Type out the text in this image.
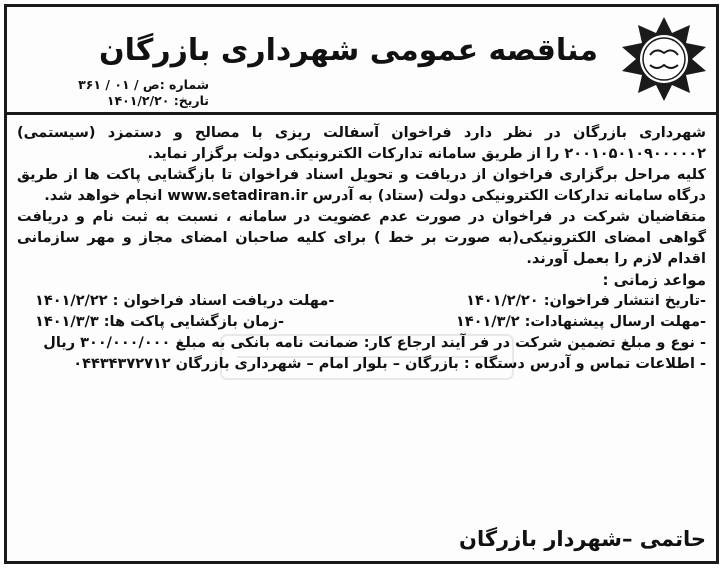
مناقصه عمومی شهرداری بازرگان
شماره :ص / ۰۱ / ۳۶۱
تاریخ: ۱۴۰۱/۲/۲۰

شهرداری بازرگان در نظر دارد فراخوان آسفالت ریزی با مصالح و دستمزد (سیستمی) ۲۰۰۱۰۵۰۱۰۹۰۰۰۰۰۲ را از طریق سامانه تدارکات الکترونیکی دولت برگزار نماید.

کلیه مراحل برگزاری فراخوان از دریافت و تحویل اسناد فراخوان تا بازگشایی پاکت ها از طریق درگاه سامانه تدارکات الکترونیکی دولت (ستاد) به آدرس www.setadiran.ir انجام خواهد شد.

متقاضیان شرکت در فراخوان در صورت عدم عضویت در سامانه ، نسبت به ثبت نام و دریافت گواهی امضای الکترونیکی(به صورت بر خط ) برای کلیه صاحبان امضای مجاز و مهر سازمانی اقدام لازم را بعمل آورند.

مواعد زمانی :

-تاریخ انتشار فراخوان: ۱۴۰۱/۲/۲۰
-مهلت دریافت اسناد فراخوان : ۱۴۰۱/۲/۲۲
-مهلت ارسال پیشنهادات: ۱۴۰۱/۳/۲
-زمان بازگشایی پاکت ها: ۱۴۰۱/۳/۳

- نوع و مبلغ تضمین شرکت در فر آیند ارجاع کار: ضمانت نامه بانکی به مبلغ ۳۰۰/۰۰۰/۰۰۰ ریال

- اطلاعات تماس و آدرس دستگاه : بازرگان – بلوار امام – شهرداری بازرگان ۰۴۴۳۴۳۷۲۷۱۲

حاتمی –شهردار بازرگان
